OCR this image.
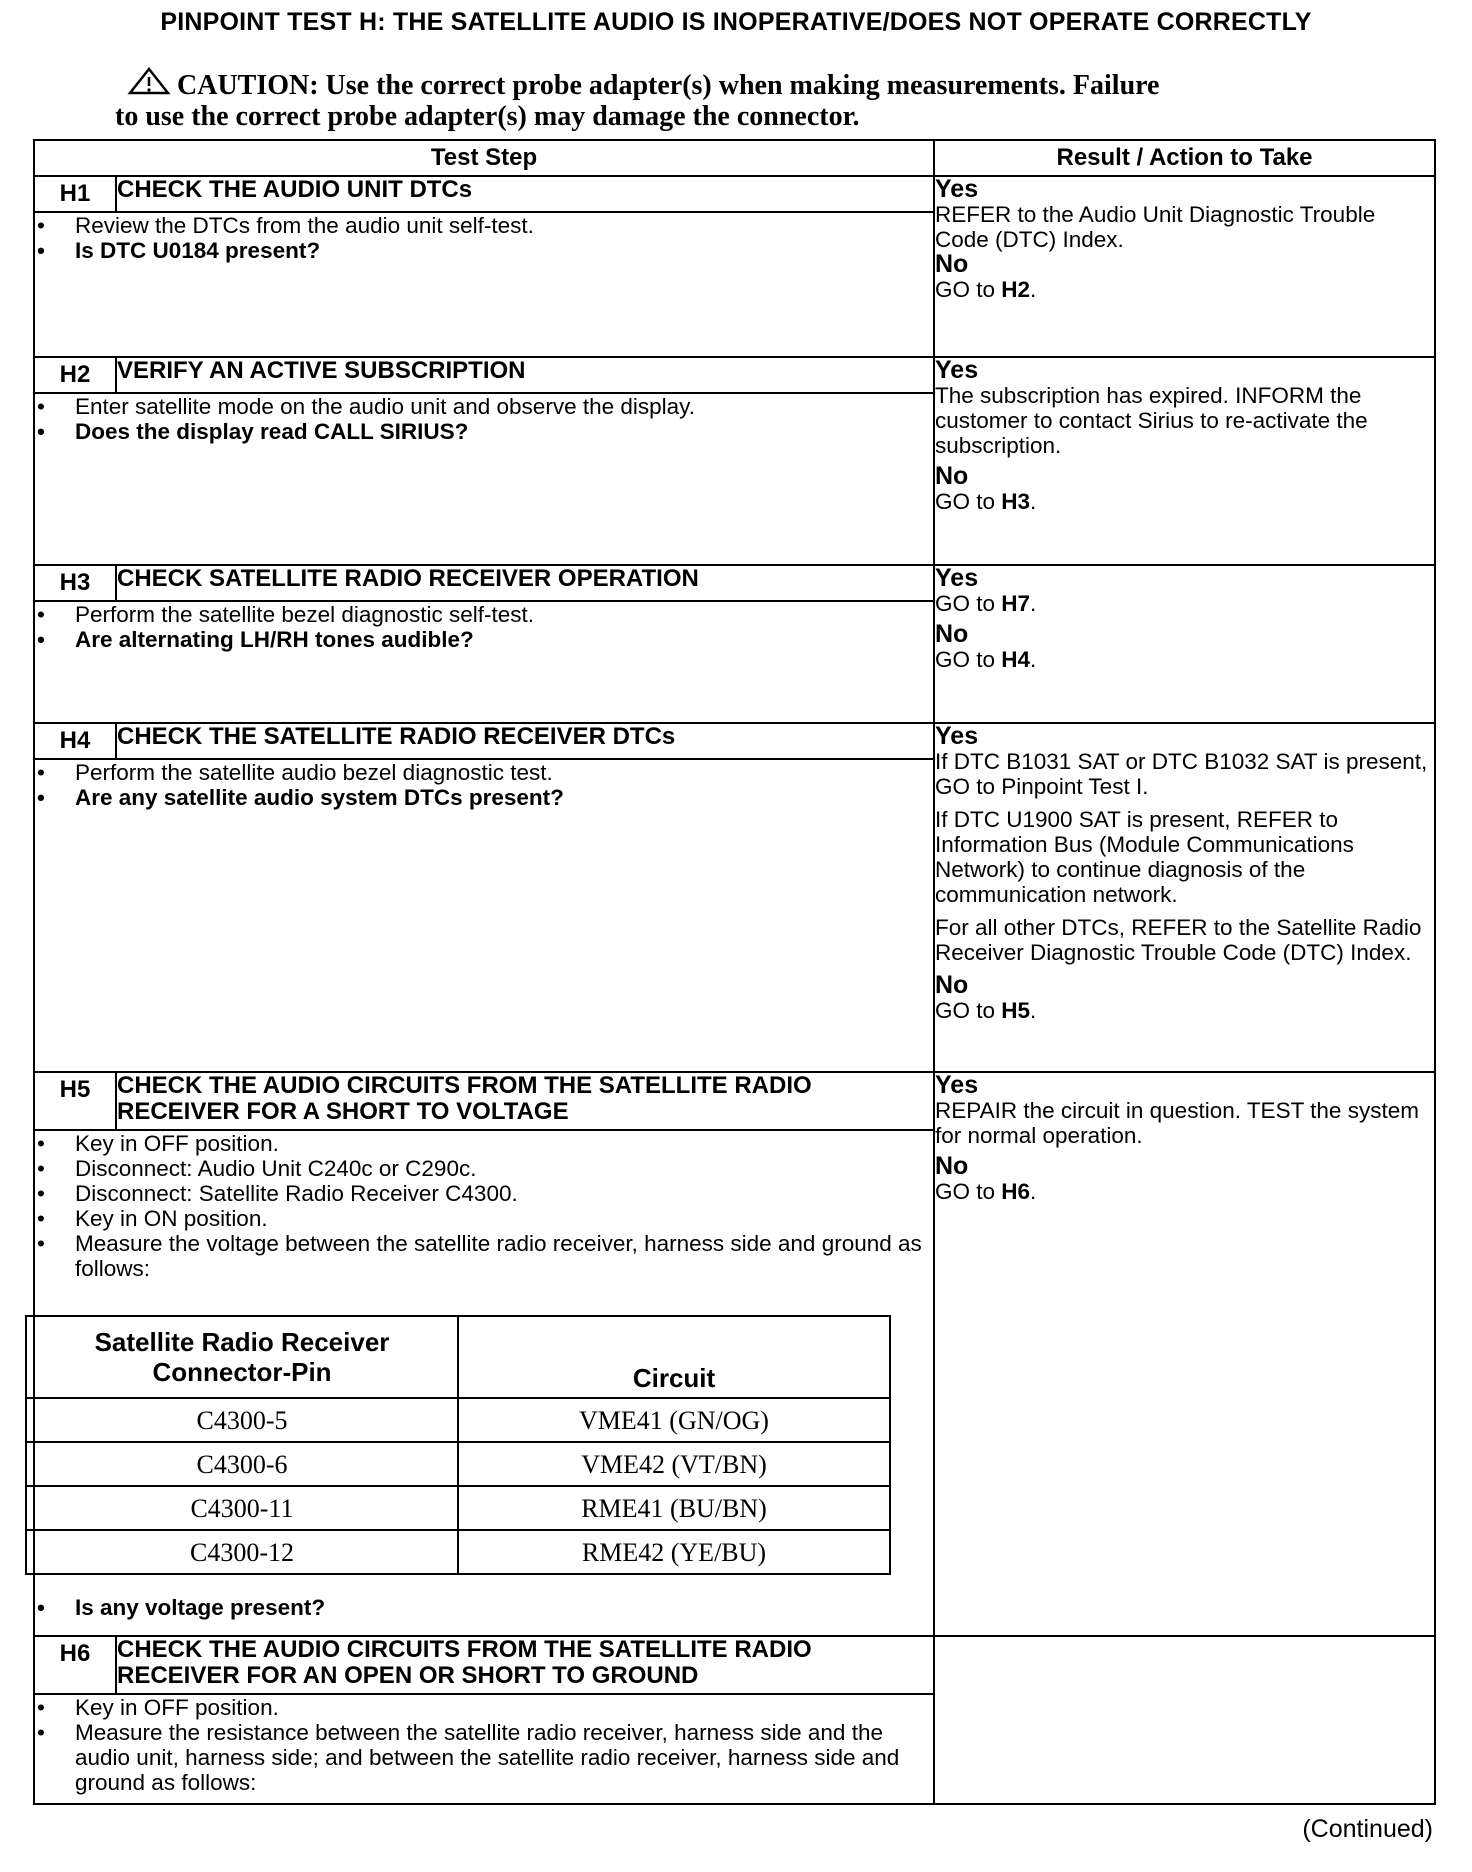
PINPOINT TEST H: THE SATELLITE AUDIO IS INOPERATIVE/DOES NOT OPERATE CORRECTLY
CAUTION: Use the correct probe adapter(s) when making measurements. Failure
to use the correct probe adapter(s) may damage the connector.
Test Step	Result / Action to Take
H1	CHECK THE AUDIO UNIT DTCs	Yes
REFER to the Audio Unit Diagnostic Trouble Code (DTC) Index.
No
GO to H2.

• Review the DTCs from the audio unit self-test.
• Is DTC U0184 present?

H2	VERIFY AN ACTIVE SUBSCRIPTION	Yes
The subscription has expired. INFORM the customer to contact Sirius to re-activate the subscription.
No
GO to H3.

• Enter satellite mode on the audio unit and observe the display.
• Does the display read CALL SIRIUS?

H3	CHECK SATELLITE RADIO RECEIVER OPERATION	Yes
GO to H7.
No
GO to H4.

• Perform the satellite bezel diagnostic self-test.
• Are alternating LH/RH tones audible?

H4	CHECK THE SATELLITE RADIO RECEIVER DTCs	Yes

If DTC B1031 SAT or DTC B1032 SAT is present, GO to Pinpoint Test I.

If DTC U1900 SAT is present, REFER to Information Bus (Module Communications Network) to continue diagnosis of the communication network.

For all other DTCs, REFER to the Satellite Radio Receiver Diagnostic Trouble Code (DTC) Index.

No
GO to H5.

• Perform the satellite audio bezel diagnostic test.
• Are any satellite audio system DTCs present?

H5	CHECK THE AUDIO CIRCUITS FROM THE SATELLITE RADIO RECEIVER FOR A SHORT TO VOLTAGE	
Yes
REPAIR the circuit in question. TEST the system for normal operation.
No
GO to H6.

• Key in OFF position.
• Disconnect: Audio Unit C240c or C290c.
• Disconnect: Satellite Radio Receiver C4300.
• Key in ON position.
• Measure the voltage between the satellite radio receiver, harness side and ground as follows:
Satellite Radio Receiver Connector-Pin	Circuit
C4300-5	VME41 (GN/OG)
C4300-6	VME42 (VT/BN)
C4300-11	RME41 (BU/BN)
C4300-12	RME42 (YE/BU)
• Is any voltage present?

H6	CHECK THE AUDIO CIRCUITS FROM THE SATELLITE RADIO RECEIVER FOR AN OPEN OR SHORT TO GROUND	

• Key in OFF position.
• Measure the resistance between the satellite radio receiver, harness side and the audio unit, harness side; and between the satellite radio receiver, harness side and ground as follows:
(Continued)
